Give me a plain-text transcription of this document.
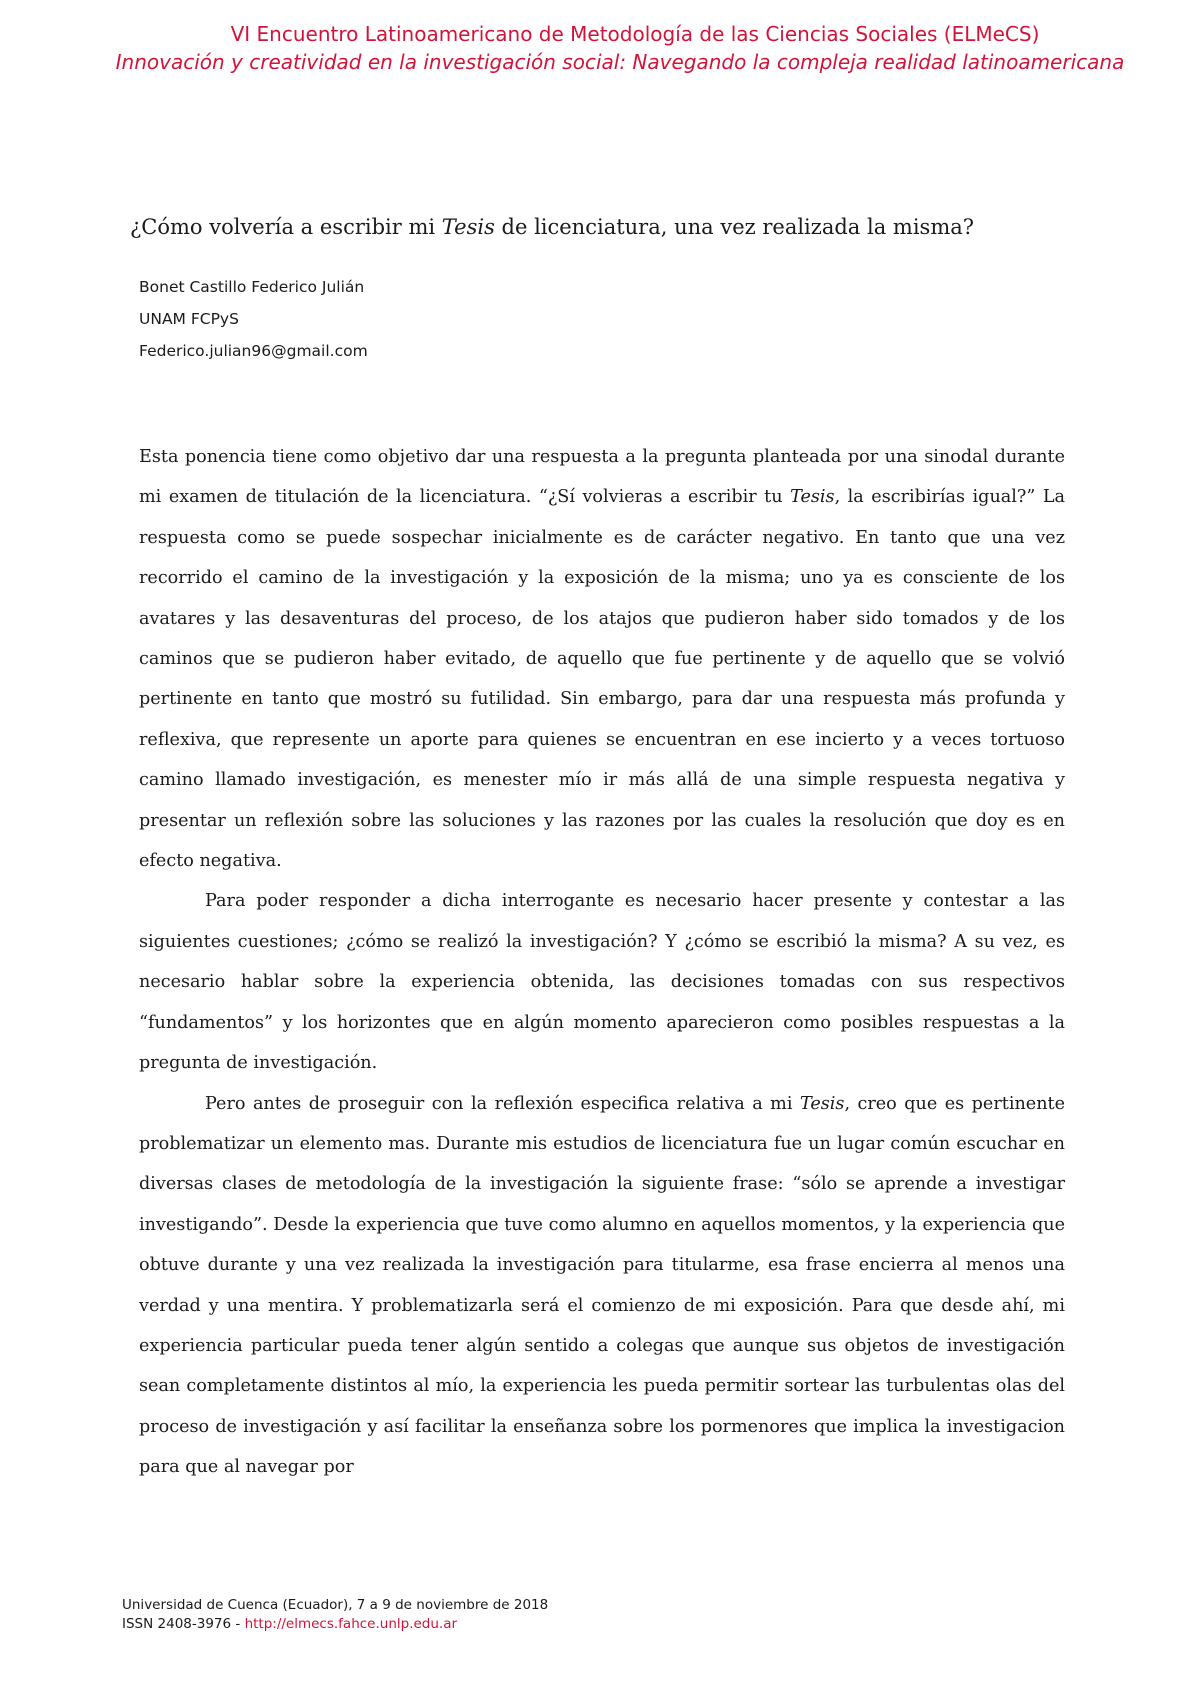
VI Encuentro Latinoamericano de Metodología de las Ciencias Sociales (ELMeCS)
Innovación y creatividad en la investigación social: Navegando la compleja realidad latinoamericana
¿Cómo volvería a escribir mi Tesis de licenciatura, una vez realizada la misma?
Bonet Castillo Federico Julián
UNAM FCPyS
Federico.julian96@gmail.com

Esta ponencia tiene como objetivo dar una respuesta a la pregunta planteada por una sinodal durante mi examen de titulación de la licenciatura. “¿Sí volvieras a escribir tu Tesis, la escribirías igual?” La respuesta como se puede sospechar inicialmente es de carácter negativo. En tanto que una vez recorrido el camino de la investigación y la exposición de la misma; uno ya es consciente de los avatares y las desaventuras del proceso, de los atajos que pudieron haber sido tomados y de los caminos que se pudieron haber evitado, de aquello que fue pertinente y de aquello que se volvió pertinente en tanto que mostró su futilidad. Sin embargo, para dar una respuesta más profunda y reflexiva, que represente un aporte para quienes se encuentran en ese incierto y a veces tortuoso camino llamado investigación, es menester mío ir más allá de una simple respuesta negativa y presentar un reflexión sobre las soluciones y las razones por las cuales la resolución que doy es en efecto negativa.

Para poder responder a dicha interrogante es necesario hacer presente y contestar a las siguientes cuestiones; ¿cómo se realizó la investigación? Y ¿cómo se escribió la misma? A su vez, es necesario hablar sobre la experiencia obtenida, las decisiones tomadas con sus respectivos “fundamentos” y los horizontes que en algún momento aparecieron como posibles respuestas a la pregunta de investigación.

Pero antes de proseguir con la reflexión especifica relativa a mi Tesis, creo que es pertinente problematizar un elemento mas. Durante mis estudios de licenciatura fue un lugar común escuchar en diversas clases de metodología de la investigación la siguiente frase: “sólo se aprende a investigar investigando”. Desde la experiencia que tuve como alumno en aquellos momentos, y la experiencia que obtuve durante y una vez realizada la investigación para titularme, esa frase encierra al menos una verdad y una mentira. Y problematizarla será el comienzo de mi exposición. Para que desde ahí, mi experiencia particular pueda tener algún sentido a colegas que aunque sus objetos de investigación sean completamente distintos al mío, la experiencia les pueda permitir sortear las turbulentas olas del proceso de investigación y así facilitar la enseñanza sobre los pormenores que implica la investigacion para que al navegar por

Universidad de Cuenca (Ecuador), 7 a 9 de noviembre de 2018
ISSN 2408-3976 - http://elmecs.fahce.unlp.edu.ar
